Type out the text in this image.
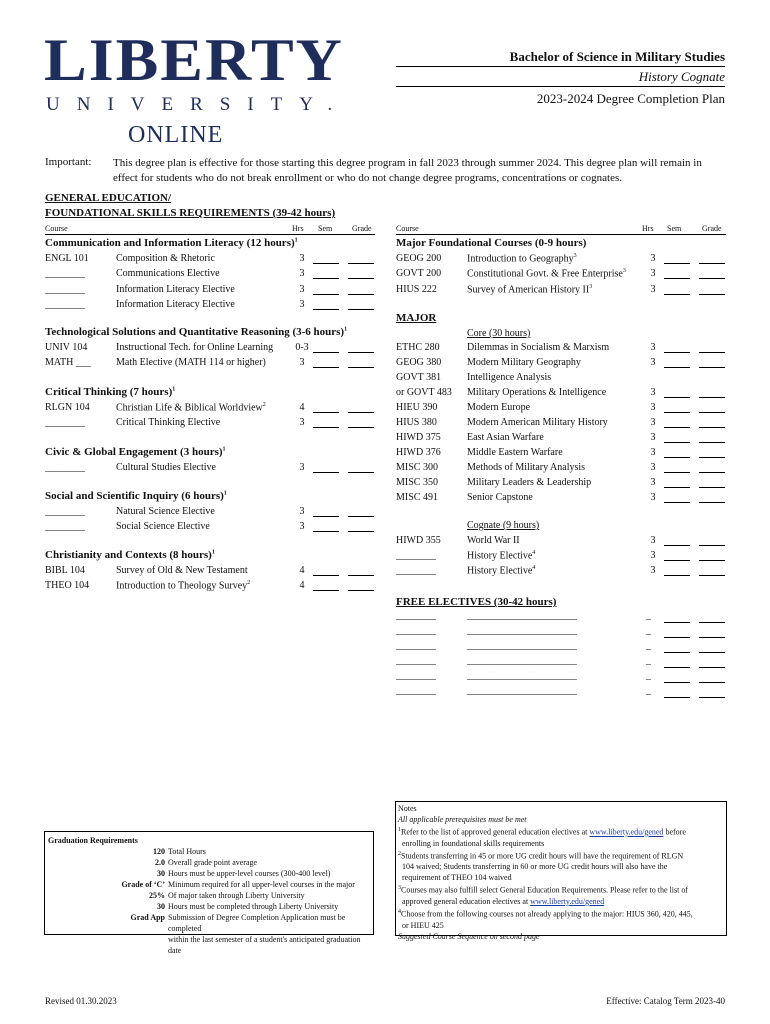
LIBERTY
UNIVERSITY.
ONLINE
Bachelor of Science in Military Studies
History Cognate
2023-2024 Degree Completion Plan
Important: This degree plan is effective for those starting this degree program in fall 2023 through summer 2024. This degree plan will remain in effect for students who do not break enrollment or who do not change degree programs, concentrations or cognates.
GENERAL EDUCATION/
FOUNDATIONAL SKILLS REQUIREMENTS (39-42 hours)
Course	Hrs Sem Grade	Course	Hrs Sem	Grade
Communication and Information Literacy (12 hours)$^1$
ENGL 101	Composition & Rhetoric	3
________	Communications Elective	3
________	Information Literacy Elective	3
________	Information Literacy Elective	3
Technological Solutions and Quantitative Reasoning (3-6 hours)$^1$
UNIV 104	Instructional Tech. for Online Learning 0-3
MATH ___	Math Elective (MATH 114 or higher)	3
Critical Thinking (7 hours)$^1$
RLGN 104	Christian Life & Biblical Worldview$^2$	4
________	Critical Thinking Elective	3
Civic & Global Engagement (3 hours)$^1$
________	Cultural Studies Elective	3
Social and Scientific Inquiry (6 hours)$^1$
________	Natural Science Elective	3
________	Social Science Elective	3
Christianity and Contexts (8 hours)$^1$
BIBL 104	Survey of Old & New Testament	4
THEO 104	Introduction to Theology Survey$^2$	4
GEOG 200	Introduction to Geography$^3$	3
GOVT 200	Constitutional Govt. & Free Enterprise$^3$	3
HIUS 222	Survey of American History $II^3$	3
ETHC 280	Dilemmas in Socialism & Marxism	3
GEOG 380	Modern Military Geography	3
GOVT 381	Intelligence Analysis
or GOVT 483 Military Operations & Intelligence	3
HIEU 390	Modern Europe	3
HIUS 380	Modern American Military History	3
HIWD 375	East Asian Warfare	3
HIWD 376	Middle Eastern Warfare	3
MISC 300	Methods of Military Analysis	3
MISC 350	Military Leaders & Leadership	3
MISC 491	Senior Capstone	3
HIWD 355	World War II	3
________	History Elective$^4$	3
________	History Elective$^4$	3
________	______________________	_
________	______________________	_
________	______________________	_
________	______________________	_
________	______________________	_
________	______________________	_
Major Foundational Courses (0-9 hours)
MAJOR
Core (30 hours)
Cognate (9 hours)
FREE ELECTIVES (30-42 hours)
Graduation Requirements
120 Total Hours
2.0 Overall grade point average
30 Hours must be upper-level courses (300-400 level)
Grade of ‘C’ Minimum required for all upper-level courses in the major
25% Of major taken through Liberty University
30 Hours must be completed through Liberty University
Grad App Submission of Degree Completion Application must be completed
within the last semester of a student's anticipated graduation date
Notes
All applicable prerequisites must be met
$^1$Refer to the list of approved general education electives at www.liberty.edu/gened before
enrolling in foundational skills requirements
$^2$Students transferring in 45 or more UG credit hours will have the requirement of RLGN
104 waived; Students transferring in 60 or more UG credit hours will also have the
requirement of THEO 104 waived
$^3$Courses may also fulfill select General Education Requirements. Please refer to the list of
approved general education electives at www.liberty.edu/gened
$^4$Choose from the following courses not already applying to the major: HIUS 360, 420, 445,
or HIEU 425
Suggested Course Sequence on second page
Revised 01.30.2023	Effective: Catalog Term 2023-40
